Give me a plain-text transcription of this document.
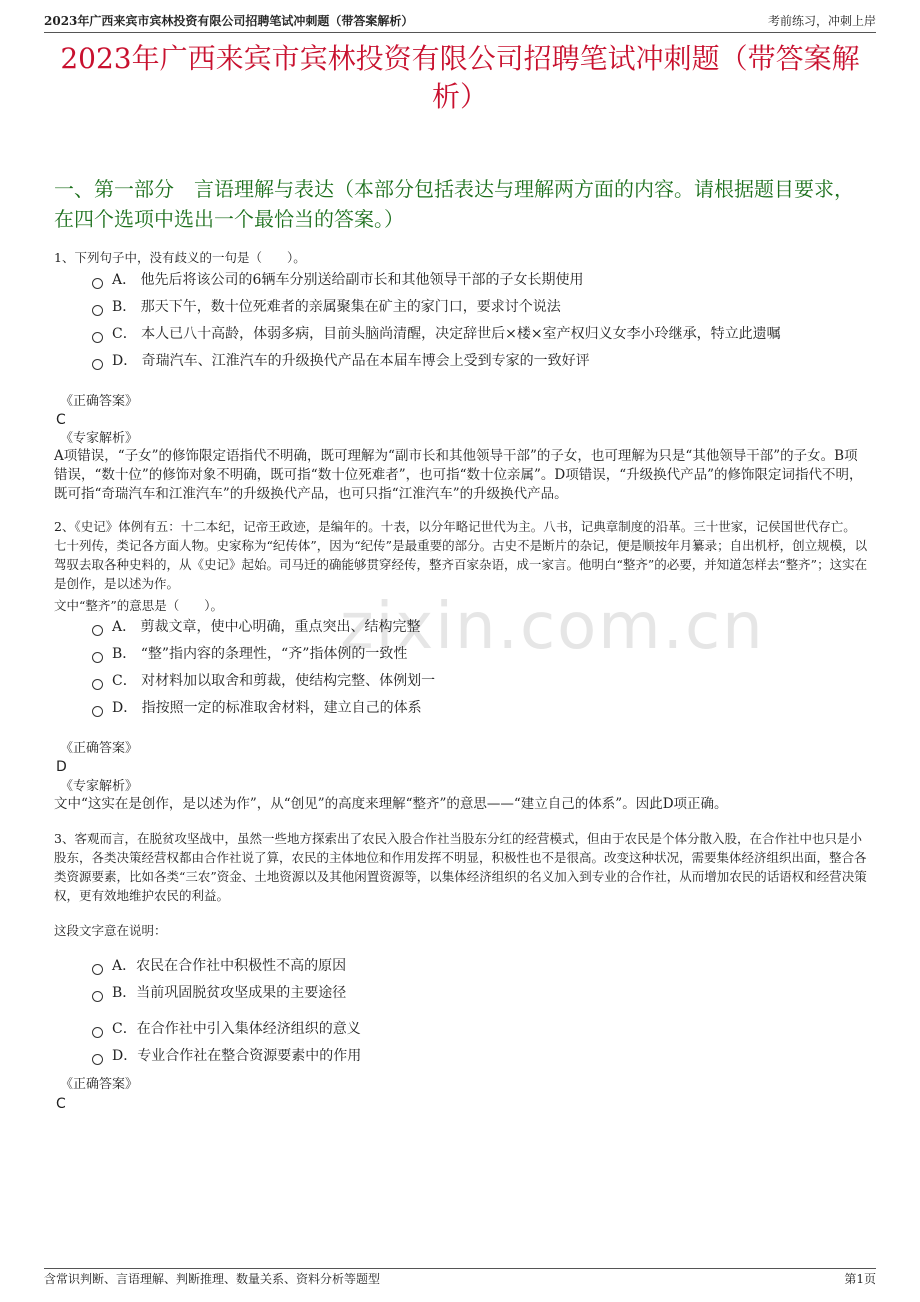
2023年广西来宾市宾林投资有限公司招聘笔试冲刺题（带答案解析）	考前练习，冲刺上岸
2023年广西来宾市宾林投资有限公司招聘笔试冲刺题（带答案解析）
一、第一部分　言语理解与表达（本部分包括表达与理解两方面的内容。请根据题目要求，在四个选项中选出一个最恰当的答案。）
zixin.com.cn
1、下列句子中，没有歧义的一句是（　　）。
A． 他先后将该公司的6辆车分别送给副市长和其他领导干部的子女长期使用
B． 那天下午，数十位死难者的亲属聚集在矿主的家门口，要求讨个说法
C． 本人已八十高龄，体弱多病，目前头脑尚清醒，决定辞世后×楼×室产权归义女李小玲继承，特立此遗嘱
D． 奇瑞汽车、江淮汽车的升级换代产品在本届车博会上受到专家的一致好评
《正确答案》
C
《专家解析》
A项错误，“子女”的修饰限定语指代不明确，既可理解为“副市长和其他领导干部”的子女，也可理解为只是“其他领导干部”的子女。B项错误，“数十位”的修饰对象不明确，既可指“数十位死难者”，也可指“数十位亲属”。D项错误，“升级换代产品”的修饰限定词指代不明，既可指“奇瑞汽车和江淮汽车”的升级换代产品，也可只指“江淮汽车”的升级换代产品。
2、《史记》体例有五：十二本纪，记帝王政迹，是编年的。十表，以分年略记世代为主。八书，记典章制度的沿革。三十世家，记侯国世代存亡。七十列传，类记各方面人物。史家称为“纪传体”，因为“纪传”是最重要的部分。古史不是断片的杂记，便是顺按年月纂录；自出机杼，创立规模，以驾驭去取各种史料的，从《史记》起始。司马迁的确能够贯穿经传，整齐百家杂语，成一家言。他明白“整齐”的必要，并知道怎样去“整齐”；这实在是创作，是以述为作。
文中“整齐”的意思是（　　）。
A． 剪裁文章，使中心明确，重点突出、结构完整
B． “整”指内容的条理性，“齐”指体例的一致性
C． 对材料加以取舍和剪裁，使结构完整、体例划一
D． 指按照一定的标准取舍材料，建立自己的体系
《正确答案》
D
《专家解析》
文中“这实在是创作，是以述为作”，从“创见”的高度来理解“整齐”的意思——“建立自己的体系”。因此D项正确。
3、客观而言，在脱贫攻坚战中，虽然一些地方探索出了农民入股合作社当股东分红的经营模式，但由于农民是个体分散入股，在合作社中也只是小股东，各类决策经营权都由合作社说了算，农民的主体地位和作用发挥不明显，积极性也不是很高。改变这种状况，需要集体经济组织出面，整合各类资源要素，比如各类“三农”资金、土地资源以及其他闲置资源等，以集体经济组织的名义加入到专业的合作社，从而增加农民的话语权和经营决策权，更有效地维护农民的利益。
这段文字意在说明：
A．农民在合作社中积极性不高的原因
B．当前巩固脱贫攻坚成果的主要途径
C．在合作社中引入集体经济组织的意义
D．专业合作社在整合资源要素中的作用
《正确答案》
C
含常识判断、言语理解、判断推理、数量关系、资料分析等题型	第1页
